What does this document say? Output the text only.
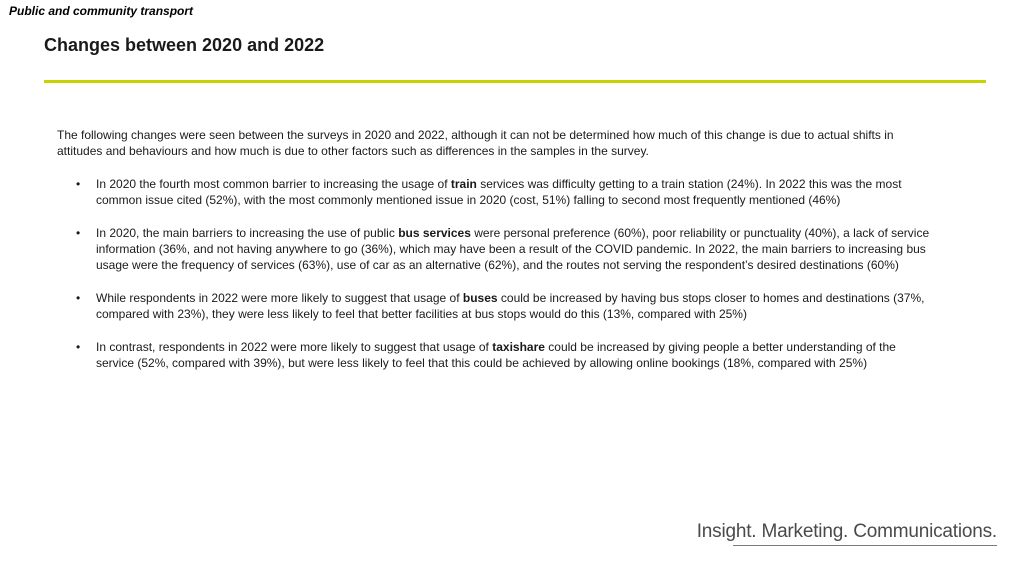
Public and community transport
Changes between 2020 and 2022

The following changes were seen between the surveys in 2020 and 2022, although it can not be determined how much of this change is due to actual shifts in attitudes and behaviours and how much is due to other factors such as differences in the samples in the survey.

• In 2020 the fourth most common barrier to increasing the usage of train services was difficulty getting to a train station (24%). In 2022 this was the most common issue cited (52%), with the most commonly mentioned issue in 2020 (cost, 51%) falling to second most frequently mentioned (46%)
• In 2020, the main barriers to increasing the use of public bus services were personal preference (60%), poor reliability or punctuality (40%), a lack of service information (36%, and not having anywhere to go (36%), which may have been a result of the COVID pandemic. In 2022, the main barriers to increasing bus usage were the frequency of services (63%), use of car as an alternative (62%), and the routes not serving the respondent’s desired destinations (60%)
• While respondents in 2022 were more likely to suggest that usage of buses could be increased by having bus stops closer to homes and destinations (37%, compared with 23%), they were less likely to feel that better facilities at bus stops would do this (13%, compared with 25%)
• In contrast, respondents in 2022 were more likely to suggest that usage of taxishare could be increased by giving people a better understanding of the service (52%, compared with 39%), but were less likely to feel that this could be achieved by allowing online bookings (18%, compared with 25%)
Insight. Marketing. Communications.
